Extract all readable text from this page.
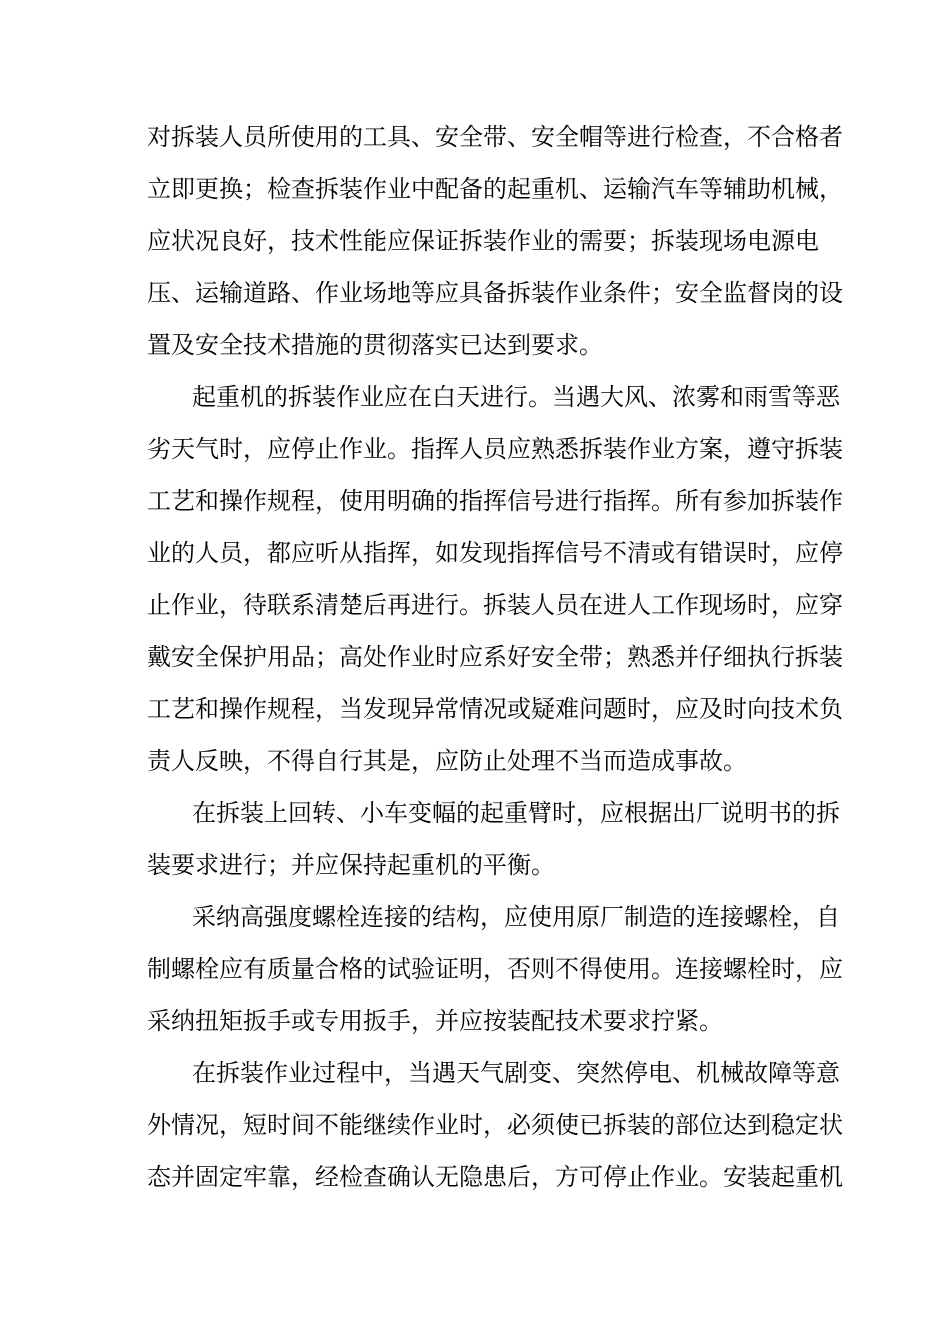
对拆装人员所使用的工具、安全带、安全帽等进行检查，不合格者
立即更换；检查拆装作业中配备的起重机、运输汽车等辅助机械，
应状况良好，技术性能应保证拆装作业的需要；拆装现场电源电
压、运输道路、作业场地等应具备拆装作业条件；安全监督岗的设
置及安全技术措施的贯彻落实已达到要求。
起重机的拆装作业应在白天进行。当遇大风、浓雾和雨雪等恶
劣天气时，应停止作业。指挥人员应熟悉拆装作业方案，遵守拆装
工艺和操作规程，使用明确的指挥信号进行指挥。所有参加拆装作
业的人员，都应听从指挥，如发现指挥信号不清或有错误时，应停
止作业，待联系清楚后再进行。拆装人员在进人工作现场时，应穿
戴安全保护用品；高处作业时应系好安全带；熟悉并仔细执行拆装
工艺和操作规程，当发现异常情况或疑难问题时，应及时向技术负
责人反映，不得自行其是，应防止处理不当而造成事故。
在拆装上回转、小车变幅的起重臂时，应根据出厂说明书的拆
装要求进行；并应保持起重机的平衡。
采纳高强度螺栓连接的结构，应使用原厂制造的连接螺栓，自
制螺栓应有质量合格的试验证明，否则不得使用。连接螺栓时，应
采纳扭矩扳手或专用扳手，并应按装配技术要求拧紧。
在拆装作业过程中，当遇天气剧变、突然停电、机械故障等意
外情况，短时间不能继续作业时，必须使已拆装的部位达到稳定状
态并固定牢靠，经检查确认无隐患后，方可停止作业。安装起重机
